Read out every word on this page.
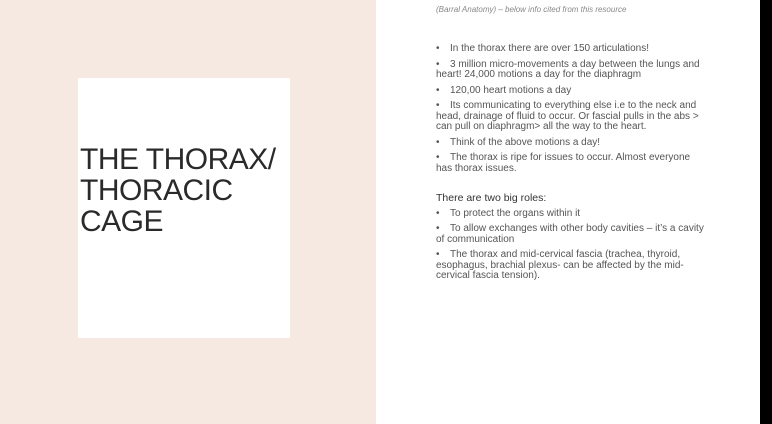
THE THORAX/
THORACIC
CAGE

(Barral Anatomy) – below info cited from this resource

• In the thorax there are over 150 articulations!
• 3 million micro-movements a day between the lungs and heart! 24,000 motions a day for the diaphragm
• 120,00 heart motions a day
• Its communicating to everything else i.e to the neck and head, drainage of fluid to occur. Or fascial pulls in the abs > can pull on diaphragm> all the way to the heart.
• Think of the above motions a day!
• The thorax is ripe for issues to occur. Almost everyone has thorax issues.

There are two big roles:

• To protect the organs within it
• To allow exchanges with other body cavities – it’s a cavity of communication
• The thorax and mid-cervical fascia (trachea, thyroid, esophagus, brachial plexus- can be affected by the mid-cervical fascia tension).
